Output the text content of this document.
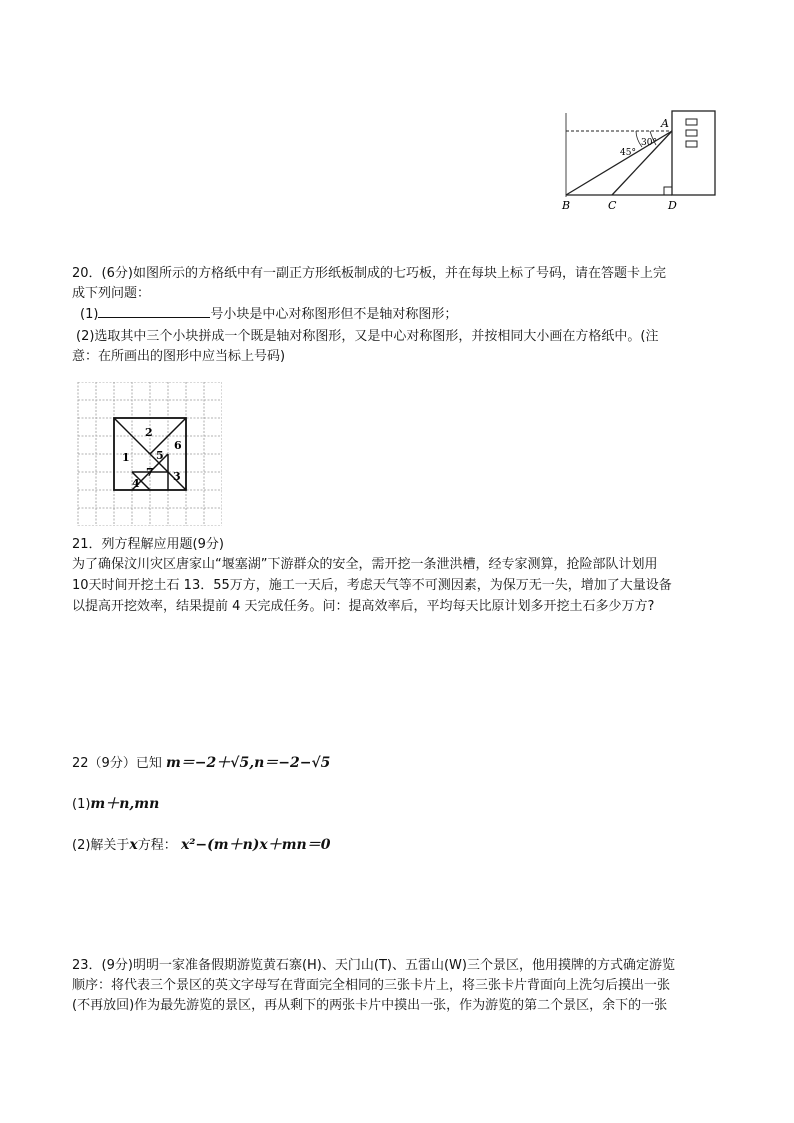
A
30°
45°
B	C	D
20．(6分)如图所示的方格纸中有一副正方形纸板制成的七巧板，并在每块上标了号码，请在答题卡上完
成下列问题：
(1)	号小块是中心对称图形但不是轴对称图形；
(2)选取其中三个小块拼成一个既是轴对称图形，又是中心对称图形，并按相同大小画在方格纸中。(注
意：在所画出的图形中应当标上号码)
1
2
3
4
5
6
7
21．列方程解应用题(9分)
为了确保汶川灾区唐家山“堰塞湖”下游群众的安全，需开挖一条泄洪槽，经专家测算，抢险部队计划用
10天时间开挖土石 13．55万方，施工一天后，考虑天气等不可测因素，为保万无一失，增加了大量设备
以提高开挖效率，结果提前 4 天完成任务。问：提高效率后，平均每天比原计划多开挖土石多少万方?
22（9分）已知 m＝−2＋√5,n＝−2−√5
(1)m＋n,mn
(2)解关于x方程： x²−(m＋n)x＋mn＝0
23．(9分)明明一家准备假期游览黄石寨(H)、天门山(T)、五雷山(W)三个景区，他用摸牌的方式确定游览
顺序：将代表三个景区的英文字母写在背面完全相同的三张卡片上，将三张卡片背面向上洗匀后摸出一张
(不再放回)作为最先游览的景区，再从剩下的两张卡片中摸出一张，作为游览的第二个景区，余下的一张
